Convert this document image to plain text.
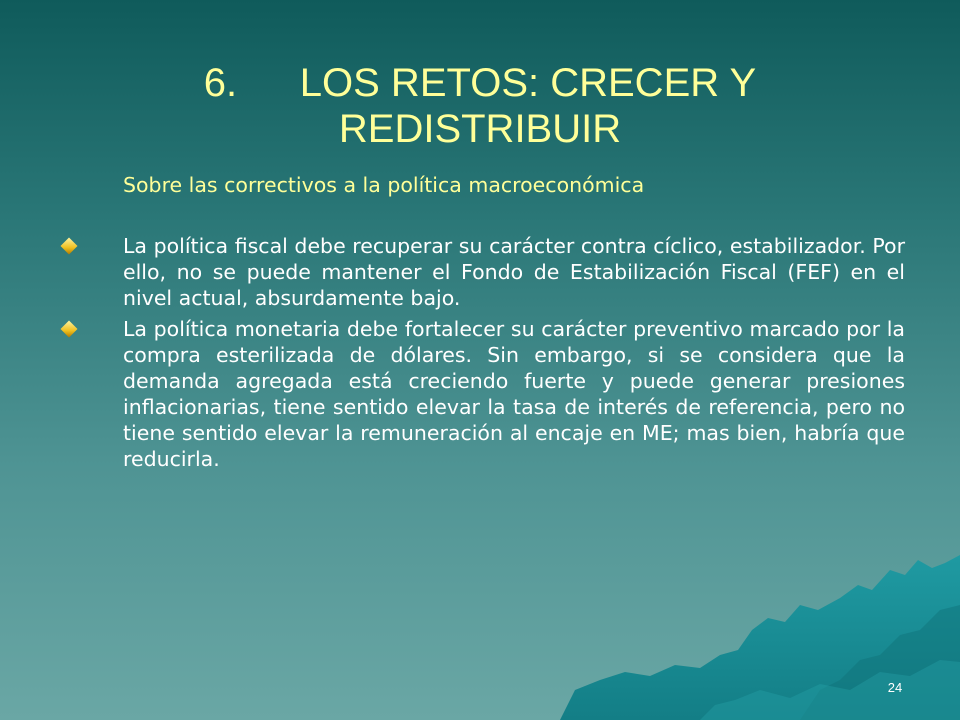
6. LOS RETOS: CRECER Y
REDISTRIBUIR
Sobre las correctivos a la política macroeconómica
La política fiscal debe recuperar su carácter contra cíclico, estabilizador. Por ello, no se puede mantener el Fondo de Estabilización Fiscal (FEF) en el nivel actual, absurdamente bajo.
La política monetaria debe fortalecer su carácter preventivo marcado por la compra esterilizada de dólares. Sin embargo, si se considera que la demanda agregada está creciendo fuerte y puede generar presiones inflacionarias, tiene sentido elevar la tasa de interés de referencia, pero no tiene sentido elevar la remuneración al encaje en ME; mas bien, habría que reducirla.
24
